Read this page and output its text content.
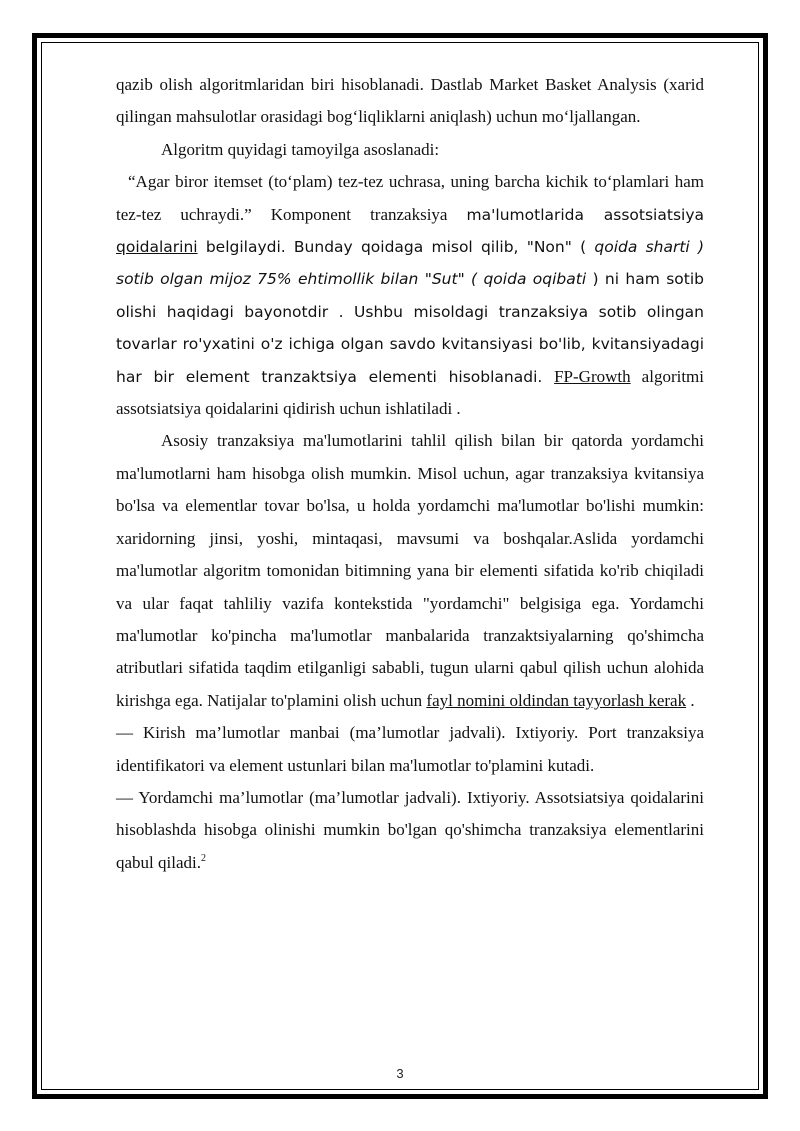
qazib olish algoritmlaridan biri hisoblanadi. Dastlab Market Basket Analysis (xarid qilingan mahsulotlar orasidagi bog‘liqliklarni aniqlash) uchun mo‘ljallangan.

Algoritm quyidagi tamoyilga asoslanadi:

“Agar biror itemset (to‘plam) tez-tez uchrasa, uning barcha kichik to‘plamlari ham tez-tez uchraydi.” Komponent tranzaksiya ma'lumotlarida assotsiatsiya qoidalarini belgilaydi. Bunday qoidaga misol qilib, "Non" ( qoida sharti ) sotib olgan mijoz 75% ehtimollik bilan "Sut" ( qoida oqibati ) ni ham sotib olishi haqidagi bayonotdir . Ushbu misoldagi tranzaksiya sotib olingan tovarlar ro'yxatini o'z ichiga olgan savdo kvitansiyasi bo'lib, kvitansiyadagi har bir element tranzaktsiya elementi hisoblanadi. FP-Growth algoritmi assotsiatsiya qoidalarini qidirish uchun ishlatiladi .

Asosiy tranzaksiya ma'lumotlarini tahlil qilish bilan bir qatorda yordamchi ma'lumotlarni ham hisobga olish mumkin. Misol uchun, agar tranzaksiya kvitansiya bo'lsa va elementlar tovar bo'lsa, u holda yordamchi ma'lumotlar bo'lishi mumkin: xaridorning jinsi, yoshi, mintaqasi, mavsumi va boshqalar.Aslida yordamchi ma'lumotlar algoritm tomonidan bitimning yana bir elementi sifatida ko'rib chiqiladi va ular faqat tahliliy vazifa kontekstida "yordamchi" belgisiga ega. Yordamchi ma'lumotlar ko'pincha ma'lumotlar manbalarida tranzaktsiyalarning qo'shimcha atributlari sifatida taqdim etilganligi sababli, tugun ularni qabul qilish uchun alohida kirishga ega. Natijalar to'plamini olish uchun fayl nomini oldindan tayyorlash kerak .

— Kirish ma’lumotlar manbai (ma’lumotlar jadvali). Ixtiyoriy. Port tranzaksiya identifikatori va element ustunlari bilan ma'lumotlar to'plamini kutadi.

— Yordamchi ma’lumotlar (ma’lumotlar jadvali). Ixtiyoriy. Assotsiatsiya qoidalarini hisoblashda hisobga olinishi mumkin bo'lgan qo'shimcha tranzaksiya elementlarini qabul qiladi.$^2$

3
